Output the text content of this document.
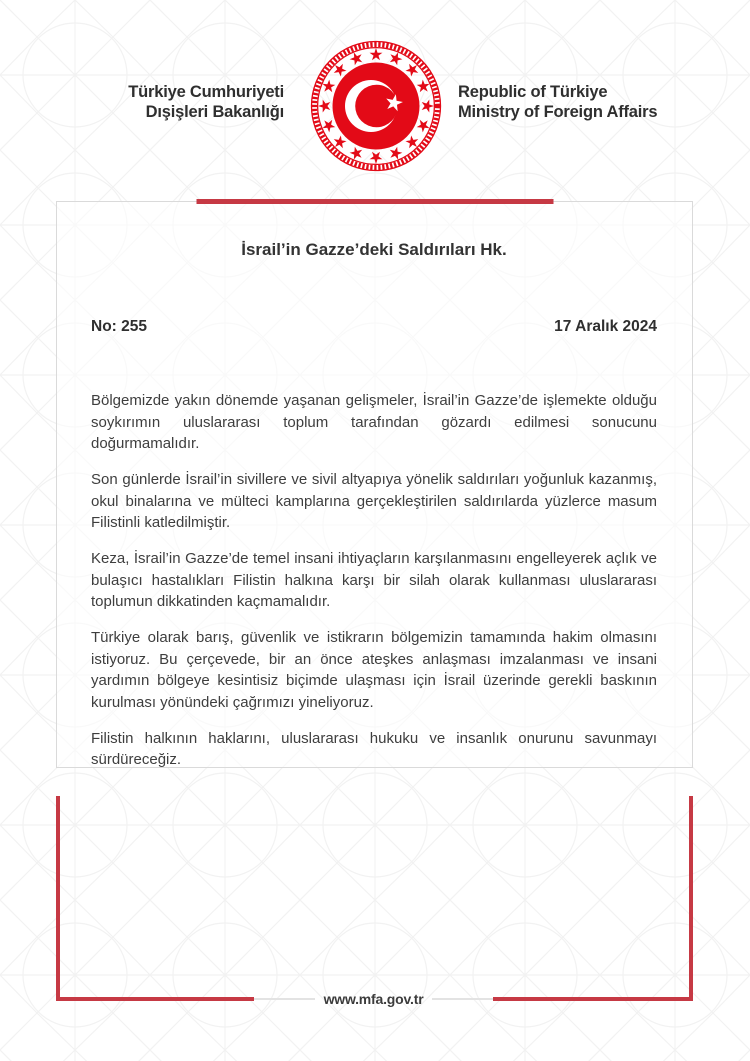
Türkiye Cumhuriyeti
Dışişleri Bakanlığı
Republic of Türkiye
Ministry of Foreign Affairs
İsrail’in Gazze’deki Saldırıları Hk.
No: 255	17 Aralık 2024

Bölgemizde yakın dönemde yaşanan gelişmeler, İsrail’in Gazze’de işlemekte olduğu soykırımın uluslararası toplum tarafından gözardı edilmesi sonucunu doğurmamalıdır.

Son günlerde İsrail’in sivillere ve sivil altyapıya yönelik saldırıları yoğunluk kazanmış, okul binalarına ve mülteci kamplarına gerçekleştirilen saldırılarda yüzlerce masum Filistinli katledilmiştir.

Keza, İsrail’in Gazze’de temel insani ihtiyaçların karşılanmasını engelleyerek açlık ve bulaşıcı hastalıkları Filistin halkına karşı bir silah olarak kullanması uluslararası toplumun dikkatinden kaçmamalıdır.

Türkiye olarak barış, güvenlik ve istikrarın bölgemizin tamamında hakim olmasını istiyoruz. Bu çerçevede, bir an önce ateşkes anlaşması imzalanması ve insani yardımın bölgeye kesintisiz biçimde ulaşması için İsrail üzerinde gerekli baskının kurulması yönündeki çağrımızı yineliyoruz.

Filistin halkının haklarını, uluslararası hukuku ve insanlık onurunu savunmayı sürdüreceğiz.

www.mfa.gov.tr
